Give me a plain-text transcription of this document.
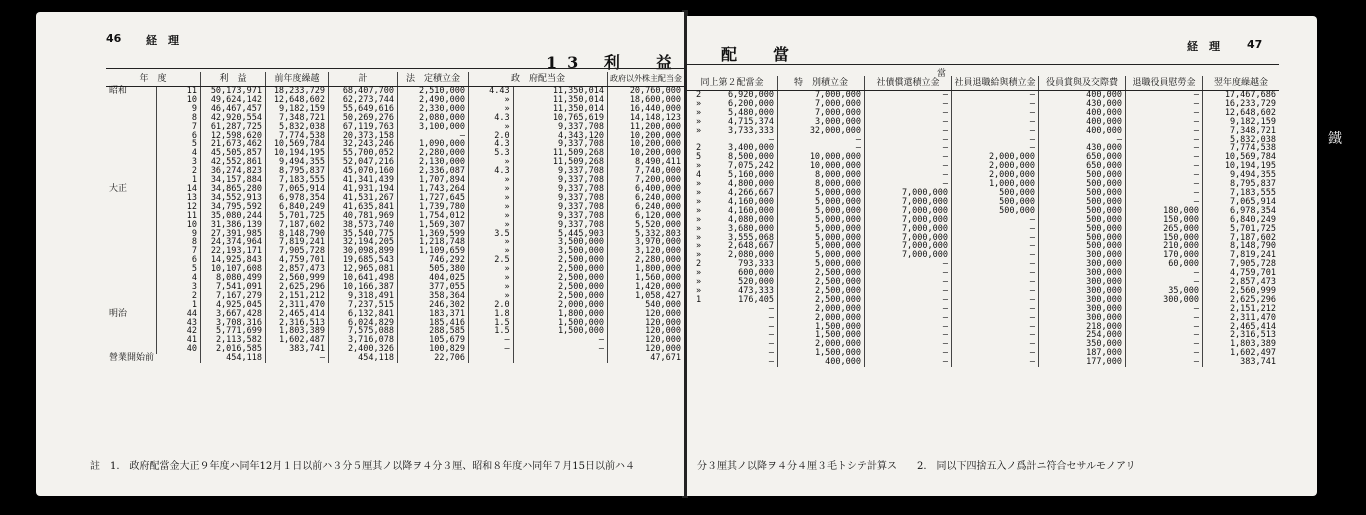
鐵
46 経　理
13 利　益
年　度		利　益	前年度繰越	計	法　定積立金	政　府配当金		政府以外株主配当金
昭和	11	50,173,971	18,233,729	68,407,700	2,510,000	4.43	11,350,014	20,760,000
	10	49,624,142	12,648,602	62,273,744	2,490,000	»	11,350,014	18,600,000
	9	46,467,457	9,182,159	55,649,616	2,330,000	»	11,350,014	16,440,000
	8	42,920,554	7,348,721	50,269,276	2,080,000	4.3	10,765,619	14,148,123
	7	61,287,725	5,832,038	67,119,763	3,100,000	»	9,337,708	11,200,000
	6	12,598,620	7,774,538	20,373,158	—	2.0	4,343,120	10,200,000
	5	21,673,462	10,569,784	32,243,246	1,090,000	4.3	9,337,708	10,200,000
	4	45,505,857	10,194,195	55,700,052	2,280,000	5.3	11,509,268	10,200,000
	3	42,552,861	9,494,355	52,047,216	2,130,000	»	11,509,268	8,490,411
	2	36,274,823	8,795,837	45,070,160	2,336,087	4.3	9,337,708	7,740,000
	1	34,157,884	7,183,555	41,341,439	1,707,894	»	9,337,708	7,200,000
大正	14	34,865,280	7,065,914	41,931,194	1,743,264	»	9,337,708	6,400,000
	13	34,552,913	6,978,354	41,531,267	1,727,645	»	9,337,708	6,240,000
	12	34,795,592	6,840,249	41,635,841	1,739,780	»	9,337,708	6,240,000
	11	35,080,244	5,701,725	40,781,969	1,754,012	»	9,337,708	6,120,000
	10	31,386,139	7,187,602	38,573,740	1,569,307	»	9,337,708	5,520,000
	9	27,391,985	8,148,790	35,540,775	1,369,599	3.5	5,445,903	5,332,803
	8	24,374,964	7,819,241	32,194,205	1,218,748	»	3,500,000	3,970,000
	7	22,193,171	7,905,728	30,098,899	1,109,659	»	3,500,000	3,120,000
	6	14,925,843	4,759,701	19,685,543	746,292	2.5	2,500,000	2,280,000
	5	10,107,608	2,857,473	12,965,081	505,380	»	2,500,000	1,800,000
	4	8,080,499	2,560,999	10,641,498	404,025	»	2,500,000	1,560,000
	3	7,541,091	2,625,296	10,166,387	377,055	»	2,500,000	1,420,000
	2	7,167,279	2,151,212	9,318,491	358,364	»	2,500,000	1,058,427
	1	4,925,045	2,311,470	7,237,515	246,302	2.0	2,000,000	540,000
明治	44	3,667,428	2,465,414	6,132,841	183,371	1.8	1,800,000	120,000
	43	3,708,316	2,316,513	6,024,829	185,416	1.5	1,500,000	120,000
	42	5,771,699	1,803,389	7,575,088	288,585	1.5	1,500,000	120,000
	41	2,113,582	1,602,487	3,716,078	105,679	—	—	120,000
	40	2,016,585	383,741	2,400,326	100,829	—	—	120,000
營業開始前		454,118	—	454,118	22,706			47,671
註　1.　政府配當金大正９年度ハ同年12月１日以前ハ３分５厘其ノ以降ヲ４分３厘、昭和８年度ハ同年７月15日以前ハ４
配　當	経　理 47
當
同上第２配當金	特　別積立金	社債償還積立金	社員退職給與積立金	役員賞與及交際費	退職役員慰勞金	翌年度繰越金

2 6,920,000	7,000,000	—	—	400,000	—	17,467,686

» 6,200,000	7,000,000	—	—	430,000	—	16,233,729

» 5,480,000	7,000,000	—	—	400,000	—	12,648,602

» 4,715,374	3,000,000	—	—	400,000	—	9,182,159

» 3,733,333	32,000,000	—	—	400,000	—	7,348,721

—	—	—	—	—	—	5,832,038

2 3,400,000	—	—	—	430,000	—	7,774,538

5 8,500,000	10,000,000	—	2,000,000	650,000	—	10,569,784

» 7,075,242	10,000,000	—	2,000,000	650,000	—	10,194,195

4 5,160,000	8,000,000	—	2,000,000	500,000	—	9,494,355

» 4,800,000	8,000,000	—	1,000,000	500,000	—	8,795,837

» 4,266,667	5,000,000	7,000,000	500,000	500,000	—	7,183,555

» 4,160,000	5,000,000	7,000,000	500,000	500,000	—	7,065,914

» 4,160,000	5,000,000	7,000,000	500,000	500,000	180,000	6,978,354

» 4,080,000	5,000,000	7,000,000	—	500,000	150,000	6,840,249

» 3,680,000	5,000,000	7,000,000	—	500,000	265,000	5,701,725

» 3,555,068	5,000,000	7,000,000	—	500,000	150,000	7,187,602

» 2,648,667	5,000,000	7,000,000	—	500,000	210,000	8,148,790

» 2,080,000	5,000,000	7,000,000	—	300,000	170,000	7,819,241

2 793,333	5,000,000	—	—	300,000	60,000	7,905,728

» 600,000	2,500,000	—	—	300,000	—	4,759,701

» 520,000	2,500,000	—	—	300,000	—	2,857,473

» 473,333	2,500,000	—	—	300,000	35,000	2,560,999

1 176,405	2,500,000	—	—	300,000	300,000	2,625,296

—	2,000,000	—	—	300,000	—	2,151,212

—	2,000,000	—	—	300,000	—	2,311,470

—	1,500,000	—	—	218,000	—	2,465,414

—	1,500,000	—	—	254,000	—	2,316,513

—	2,000,000	—	—	350,000	—	1,803,389

—	1,500,000	—	—	187,000	—	1,602,497

—	400,000	—	—	177,000	—	383,741
分３厘其ノ以降ヲ４分４厘３毛トシテ計算ス　　2.　同以下四捨五入ノ爲計ニ符合セサルモノアリ
